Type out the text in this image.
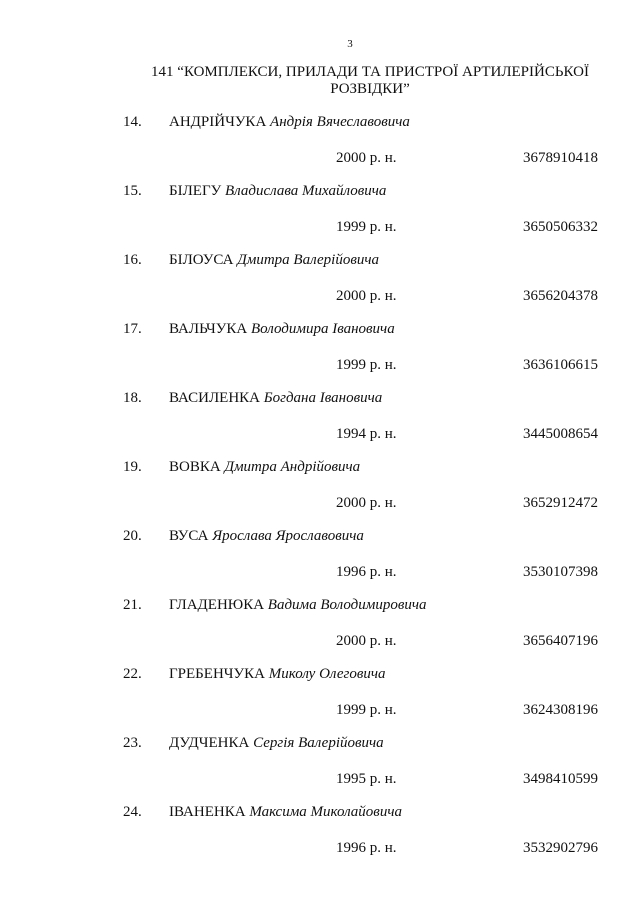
3
141 “КОМПЛЕКСИ, ПРИЛАДИ ТА ПРИСТРОЇ АРТИЛЕРІЙСЬКОЇ
РОЗВІДКИ”
14. АНДРІЙЧУКА Андрія Вячеславовича
2000 р. н.	3678910418
15. БІЛЕГУ Владислава Михайловича
1999 р. н.	3650506332
16. БІЛОУСА Дмитра Валерійовича
2000 р. н.	3656204378
17. ВАЛЬЧУКА Володимира Івановича
1999 р. н.	3636106615
18. ВАСИЛЕНКА Богдана Івановича
1994 р. н.	3445008654
19. ВОВКА Дмитра Андрійовича
2000 р. н.	3652912472
20. ВУСА Ярослава Ярославовича
1996 р. н.	3530107398
21. ГЛАДЕНЮКА Вадима Володимировича
2000 р. н.	3656407196
22. ГРЕБЕНЧУКА Миколу Олеговича
1999 р. н.	3624308196
23. ДУДЧЕНКА Сергія Валерійовича
1995 р. н.	3498410599
24. ІВАНЕНКА Максима Миколайовича
1996 р. н.	3532902796
